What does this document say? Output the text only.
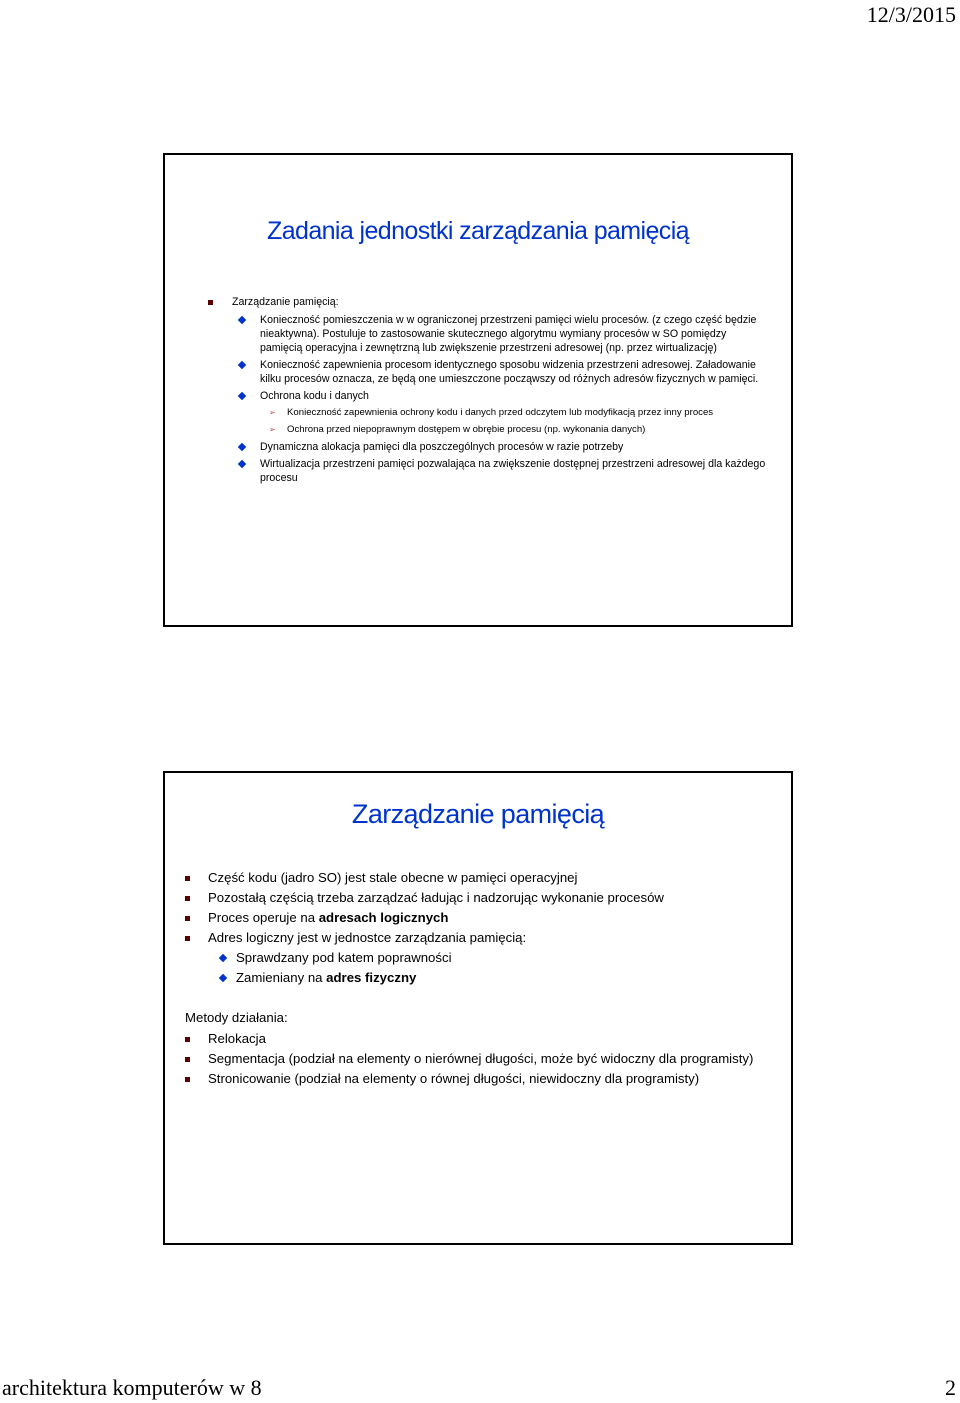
12/3/2015
Zadania jednostki zarządzania pamięcią
Zarządzanie pamięcią:
Konieczność pomieszczenia w w ograniczonej przestrzeni pamięci wielu procesów. (z czego część będzie nieaktywna). Postuluje to zastosowanie skutecznego algorytmu wymiany procesów w SO pomiędzy pamięcią operacyjna i zewnętrzną lub zwiększenie przestrzeni adresowej (np. przez wirtualizację)
Konieczność zapewnienia procesom identycznego sposobu widzenia przestrzeni adresowej. Załadowanie kilku procesów oznacza, ze będą one umieszczone począwszy od różnych adresów fizycznych w pamięci.
Ochrona kodu i danych
➢ Konieczność zapewnienia ochrony kodu i danych przed odczytem lub modyfikacją przez inny proces
➢ Ochrona przed niepoprawnym dostępem w obrębie procesu (np. wykonania danych)
Dynamiczna alokacja pamięci dla poszczególnych procesów w razie potrzeby
Wirtualizacja przestrzeni pamięci pozwalająca na zwiększenie dostępnej przestrzeni adresowej dla każdego procesu
Zarządzanie pamięcią
Część kodu (jadro SO) jest stale obecne w pamięci operacyjnej
Pozostałą częścią trzeba zarządzać ładując i nadzorując wykonanie procesów
Proces operuje na adresach logicznych
Adres logiczny jest w jednostce zarządzania pamięcią:
Sprawdzany pod katem poprawności
Zamieniany na adres fizyczny
Metody działania:
Relokacja
Segmentacja (podział na elementy o nierównej długości, może być widoczny dla programisty)
Stronicowanie (podział na elementy o równej długości, niewidoczny dla programisty)
architektura komputerów w 8	2
